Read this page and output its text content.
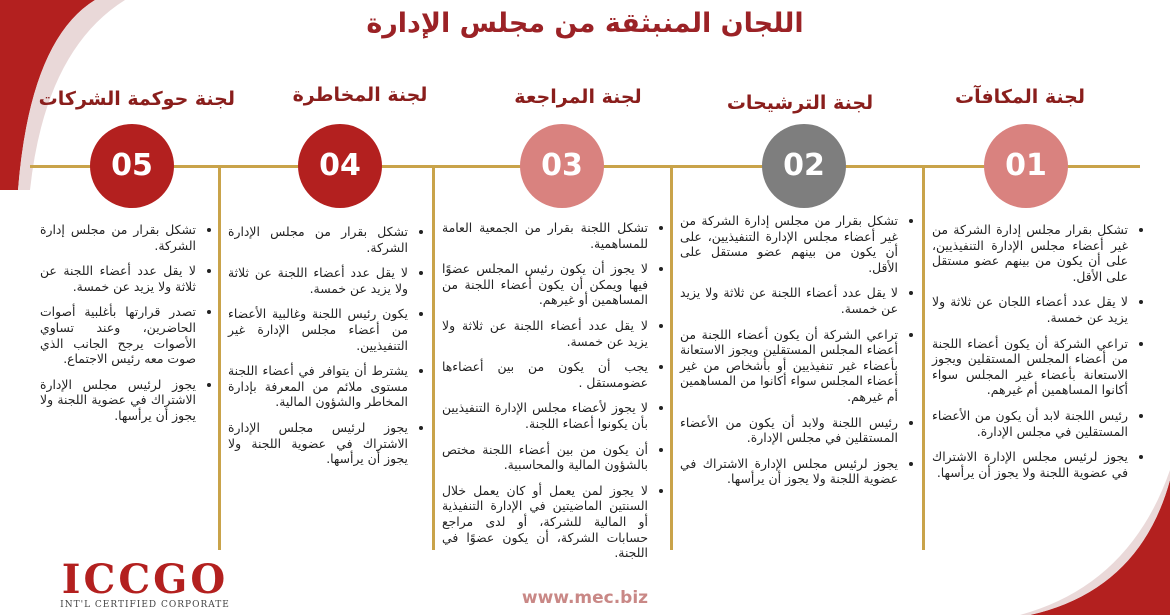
اللجان المنبثقة من مجلس الإدارة
لجنة المكافآت
01
• تشكل بقرار مجلس إدارة الشركة من غير أعضاء مجلس الإدارة التنفيذيين، على أن يكون من بينهم عضو مستقل على الأقل.
• لا يقل عدد أعضاء اللجان عن ثلاثة ولا يزيد عن خمسة.
• تراعي الشركة أن يكون أعضاء اللجنة من أعضاء المجلس المستقلين ويجوز الاستعانة بأعضاء غير المجلس سواء أكانوا المساهمين أم غيرهم.
• رئيس اللجنة لابد أن يكون من الأعضاء المستقلين في مجلس الإدارة.
• يجوز لرئيس مجلس الإدارة الاشتراك في عضوية اللجنة ولا يجوز أن يرأسها.
لجنة الترشيحات
02
• تشكل بقرار من مجلس إدارة الشركة من غير أعضاء مجلس الإدارة التنفيذيين، على أن يكون من بينهم عضو مستقل على الأقل.
• لا يقل عدد أعضاء اللجنة عن ثلاثة ولا يزيد عن خمسة.
• تراعي الشركة أن يكون أعضاء اللجنة من أعضاء المجلس المستقلين ويجوز الاستعانة بأعضاء غير تنفيذيين أو بأشخاص من غير أعضاء المجلس سواء أكانوا من المساهمين أم غيرهم.
• رئيس اللجنة ولابد أن يكون من الأعضاء المستقلين في مجلس الإدارة.
• يجوز لرئيس مجلس الإدارة الاشتراك في عضوية اللجنة ولا يجوز أن يرأسها.
لجنة المراجعة
03
• تشكل اللجنة بقرار من الجمعية العامة للمساهمية.
• لا يجوز أن يكون رئيس المجلس عضوًا فيها ويمكن أن يكون أعضاء اللجنة من المساهمين أو غيرهم.
• لا يقل عدد أعضاء اللجنة عن ثلاثة ولا يزيد عن خمسة.
• يجب أن يكون من بين أعضاءها عضومستقل .
• لا يجوز لأعضاء مجلس الإدارة التنفيذيين بأن يكونوا أعضاء اللجنة.
• أن يكون من بين أعضاء اللجنة مختص بالشؤون المالية والمحاسبية.
• لا يجوز لمن يعمل أو كان يعمل خلال السنتين الماضيتين في الإدارة التنفيذية أو المالية للشركة، أو لدى مراجع حسابات الشركة، أن يكون عضوًا في اللجنة.
لجنة المخاطرة
04
• تشكل بقرار من مجلس الإدارة الشركة.
• لا يقل عدد أعضاء اللجنة عن ثلاثة ولا يزيد عن خمسة.
• يكون رئيس اللجنة وغالبية الأعضاء من أعضاء مجلس الإدارة غير التنفيذيين.
• يشترط أن يتوافر في أعضاء اللجنة مستوى ملائم من المعرفة بإدارة المخاطر والشؤون المالية.
• يجوز لرئيس مجلس الإدارة الاشتراك في عضوية اللجنة ولا يجوز أن يرأسها.
لجنة حوكمة الشركات
05
• تشكل بقرار من مجلس إدارة الشركة.
• لا يقل عدد أعضاء اللجنة عن ثلاثة ولا يزيد عن خمسة.
• تصدر قرارتها بأغلبية أصوات الحاضرين، وعند تساوي الأصوات يرجح الجانب الذي صوت معه رئيس الاجتماع.
• يجوز لرئيس مجلس الإدارة الاشتراك في عضوية اللجنة ولا يجوز أن يرأسها.
ICCGO
INT'L CERTIFIED CORPORATE	www.mec.biz
